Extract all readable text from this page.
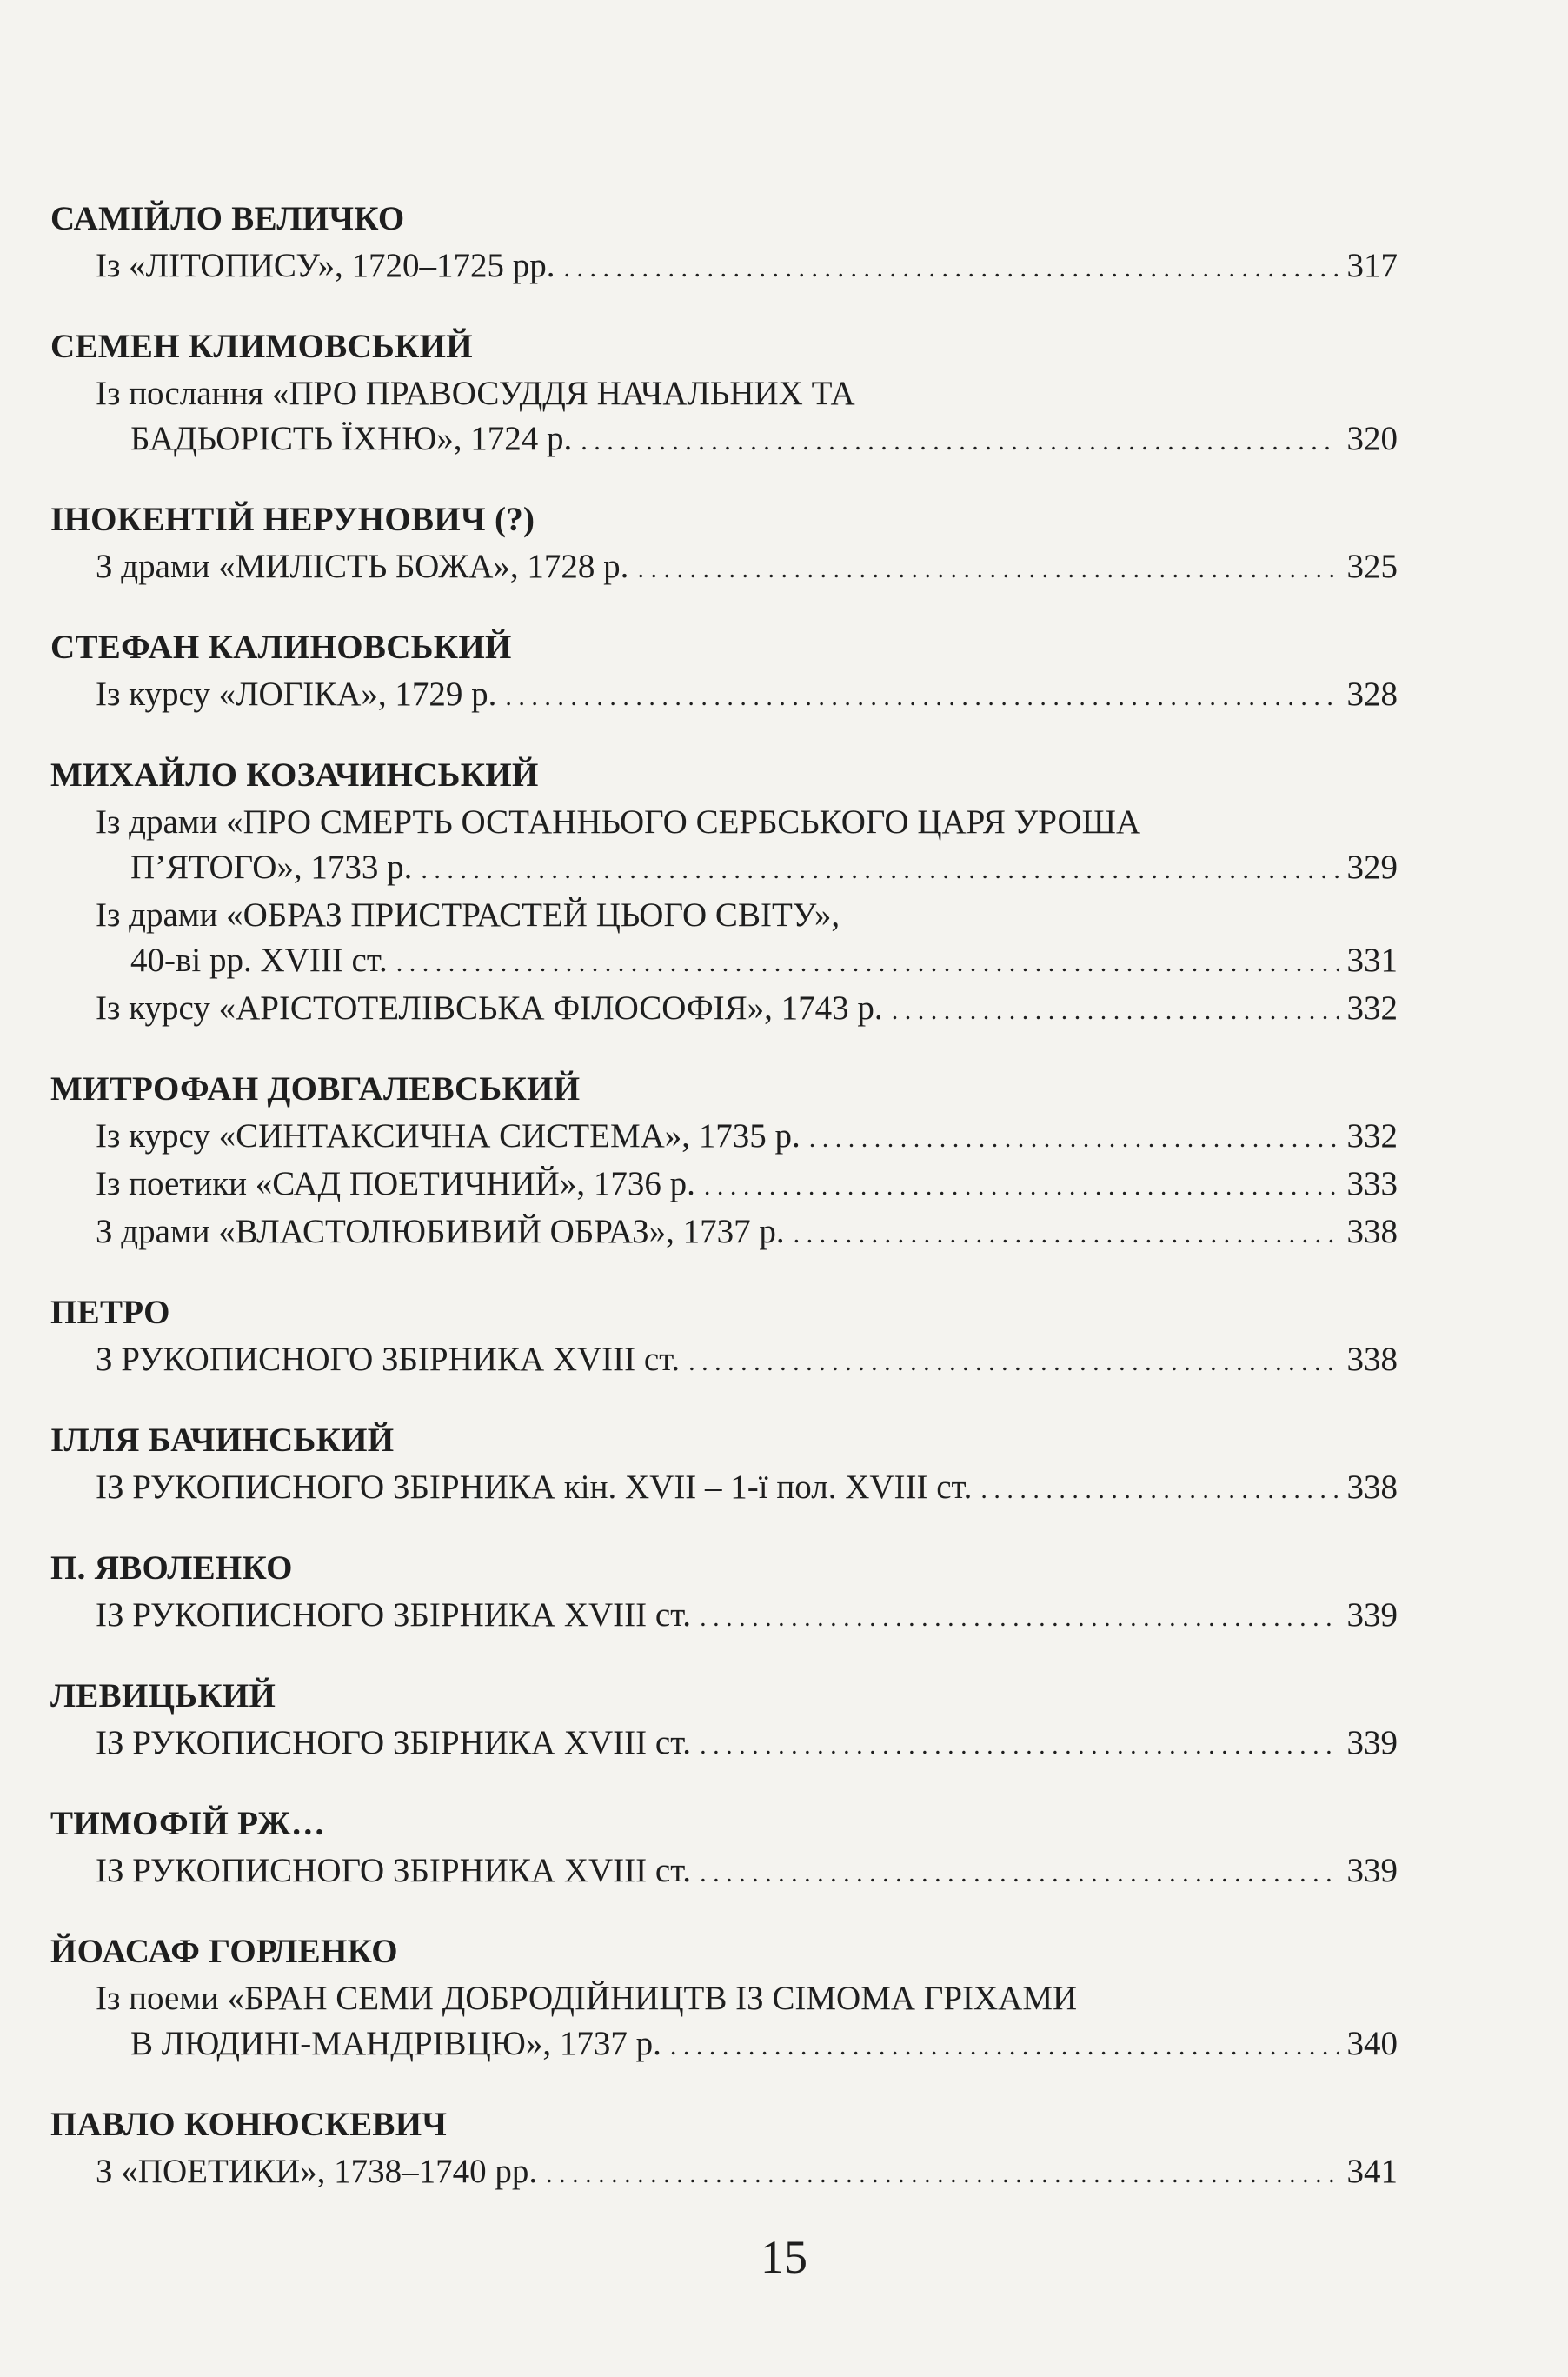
САМІЙЛО ВЕЛИЧКО
Із «ЛІТОПИСУ», 1720–1725 рр. . . .	317
СЕМЕН КЛИМОВСЬКИЙ
Із послання «ПРО ПРАВОСУДДЯ НАЧАЛЬНИХ ТА
БАДЬОРІСТЬ ЇХНЮ», 1724 р. . . .	320
ІНОКЕНТІЙ НЕРУНОВИЧ (?)
З драми «МИЛІСТЬ БОЖА», 1728 р. . . .	325
СТЕФАН КАЛИНОВСЬКИЙ
Із курсу «ЛОГІКА», 1729 р. . . .	328
МИХАЙЛО КОЗАЧИНСЬКИЙ
Із драми «ПРО СМЕРТЬ ОСТАННЬОГО СЕРБСЬКОГО ЦАРЯ УРОША
П’ЯТОГО», 1733 р. . . .	329
Із драми «ОБРАЗ ПРИСТРАСТЕЙ ЦЬОГО СВІТУ»,
40-ві рр. XVIII ст. . . .	331
Із курсу «АРІСТОТЕЛІВСЬКА ФІЛОСОФІЯ», 1743 р. . . .	332
МИТРОФАН ДОВГАЛЕВСЬКИЙ
Із курсу «СИНТАКСИЧНА СИСТЕМА», 1735 р. . . .	332
Із поетики «САД ПОЕТИЧНИЙ», 1736 р. . . .	333
З драми «ВЛАСТОЛЮБИВИЙ ОБРАЗ», 1737 р. . . .	338
ПЕТРО
З РУКОПИСНОГО ЗБІРНИКА XVIII ст. . . .	338
ІЛЛЯ БАЧИНСЬКИЙ
ІЗ РУКОПИСНОГО ЗБІРНИКА кін. XVII – 1-ї пол. XVIII ст. . . .	338
П. ЯВОЛЕНКО
ІЗ РУКОПИСНОГО ЗБІРНИКА XVIII ст. . . .	339
ЛЕВИЦЬКИЙ
ІЗ РУКОПИСНОГО ЗБІРНИКА XVIII ст. . . .	339
ТИМОФІЙ РЖ…
ІЗ РУКОПИСНОГО ЗБІРНИКА XVIII ст. . . .	339
ЙОАСАФ ГОРЛЕНКО
Із поеми «БРАН СЕМИ ДОБРОДІЙНИЦТВ ІЗ СІМОМА ГРІХАМИ
В ЛЮДИНІ-МАНДРІВЦЮ», 1737 р. . . .	340
ПАВЛО КОНЮСКЕВИЧ
З «ПОЕТИКИ», 1738–1740 рр. . . .	341
15
